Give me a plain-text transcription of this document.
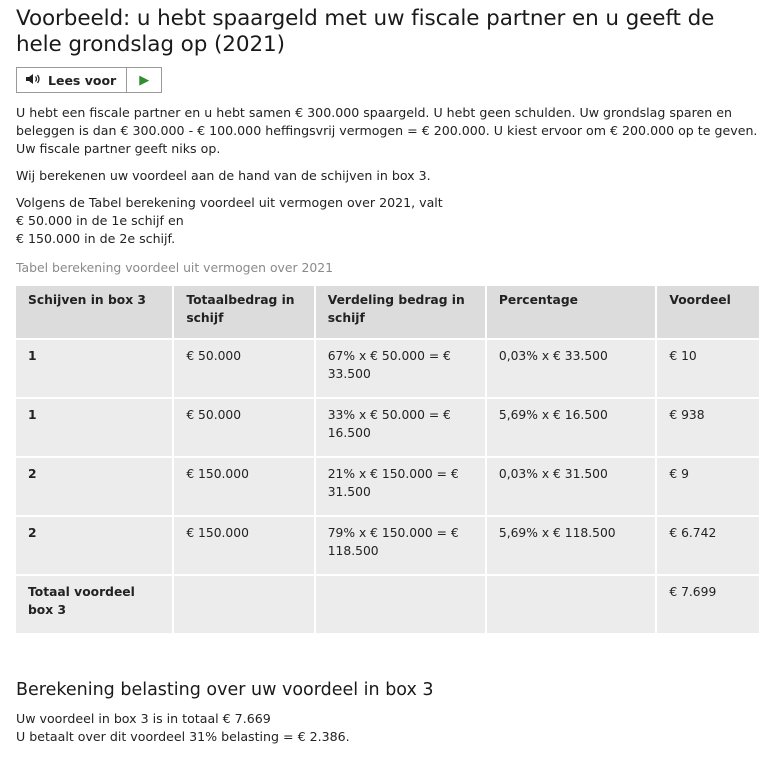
Voorbeeld: u hebt spaargeld met uw fiscale partner en u geeft de hele grondslag op (2021)
Lees voor ▶

U hebt een fiscale partner en u hebt samen € 300.000 spaargeld. U hebt geen schulden. Uw grondslag sparen en beleggen is dan € 300.000 - € 100.000 heffingsvrij vermogen = € 200.000. U kiest ervoor om € 200.000 op te geven. Uw fiscale partner geeft niks op.

Wij berekenen uw voordeel aan de hand van de schijven in box 3.

Volgens de Tabel berekening voordeel uit vermogen over 2021, valt
€ 50.000 in de 1e schijf en
€ 150.000 in de 2e schijf.

Tabel berekening voordeel uit vermogen over 2021
Schijven in box 3	Totaalbedrag in schijf	Verdeling bedrag in schijf	Percentage	Voordeel
1	€ 50.000	67% x € 50.000 = € 33.500	0,03% x € 33.500	€ 10
1	€ 50.000	33% x € 50.000 = € 16.500	5,69% x € 16.500	€ 938
2	€ 150.000	21% x € 150.000 = € 31.500	0,03% x € 31.500	€ 9
2	€ 150.000	79% x € 150.000 = € 118.500	5,69% x € 118.500	€ 6.742
Totaal voordeel box 3				€ 7.699
Berekening belasting over uw voordeel in box 3

Uw voordeel in box 3 is in totaal € 7.669

U betaalt over dit voordeel 31% belasting = € 2.386.
